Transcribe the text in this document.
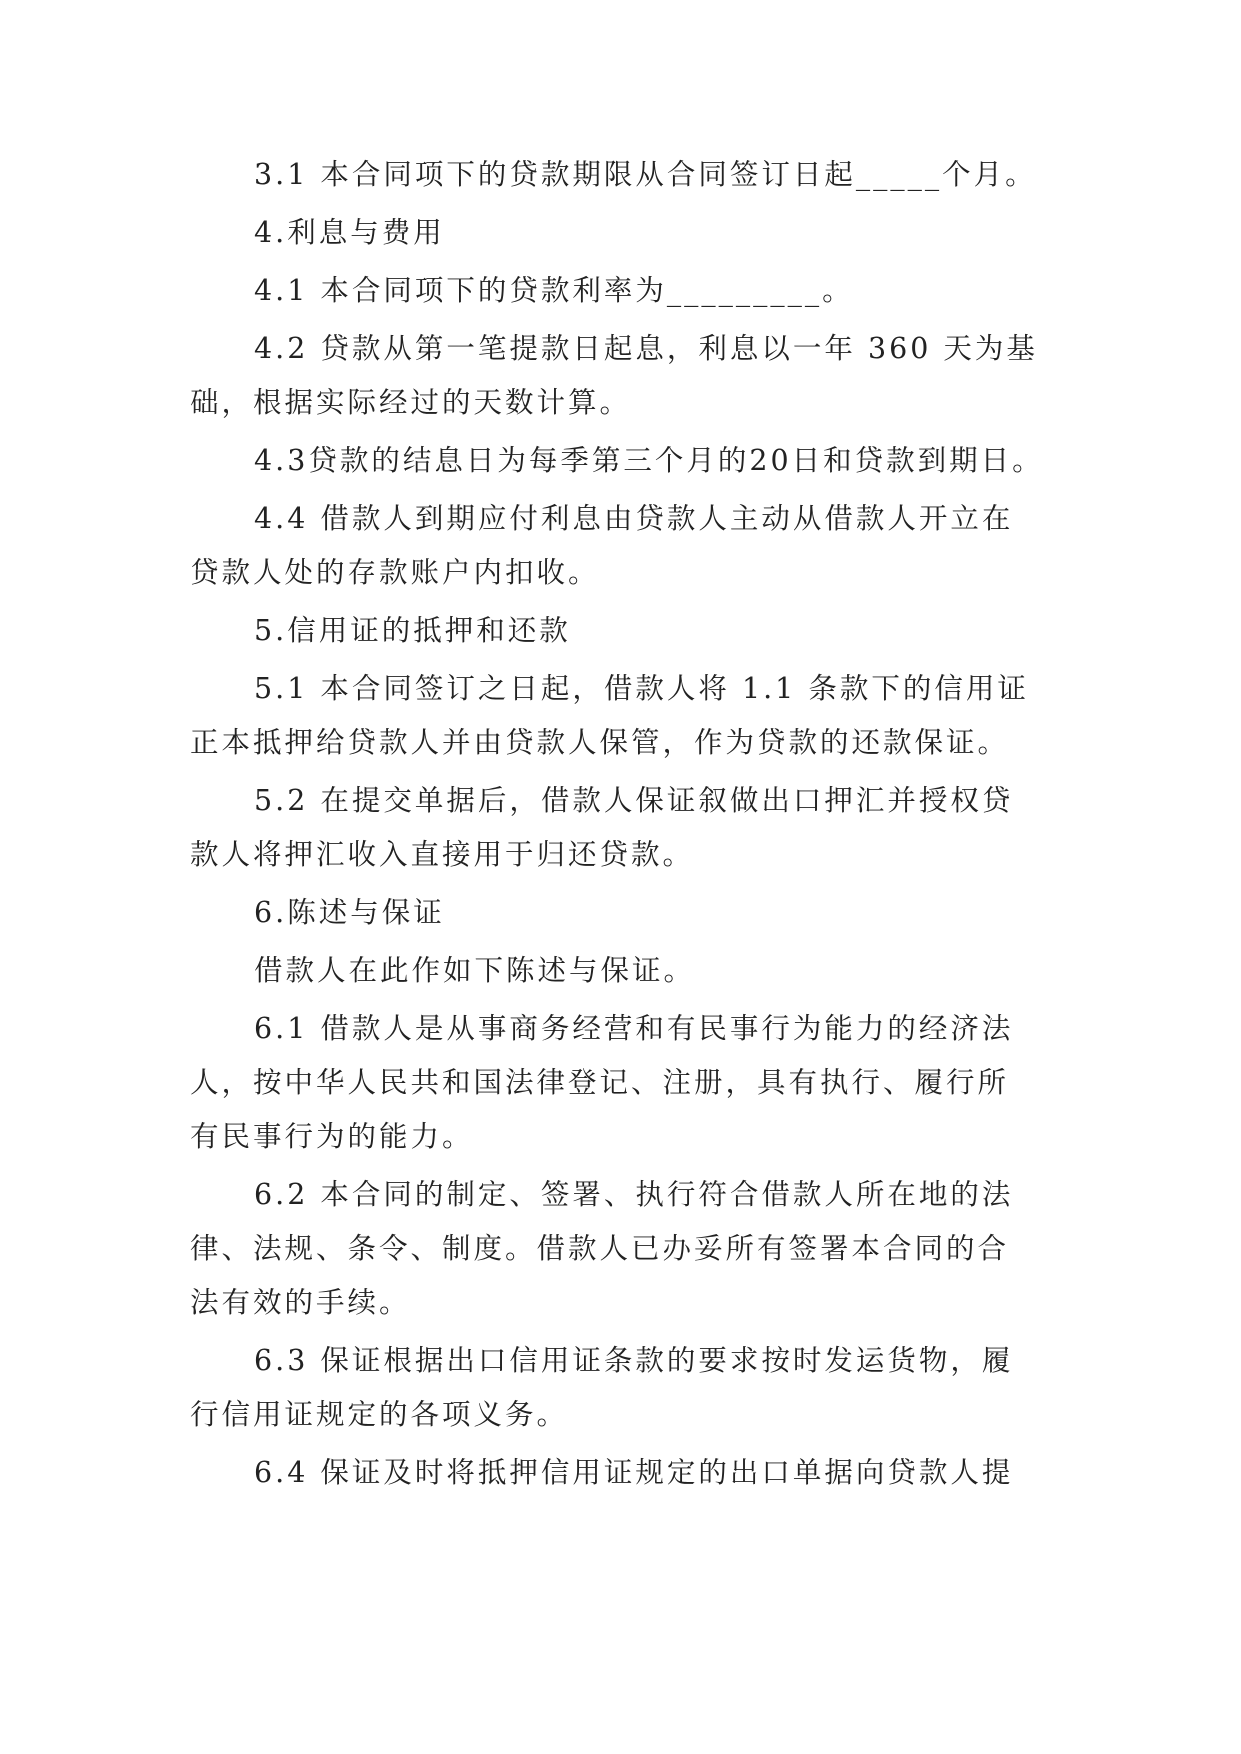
3.1 本合同项下的贷款期限从合同签订日起_____个月。
4.利息与费用
4.1 本合同项下的贷款利率为_________。
4.2 贷款从第一笔提款日起息，利息以一年 360 天为基
础，根据实际经过的天数计算。
4.3贷款的结息日为每季第三个月的20日和贷款到期日。
4.4 借款人到期应付利息由贷款人主动从借款人开立在
贷款人处的存款账户内扣收。
5.信用证的抵押和还款
5.1 本合同签订之日起，借款人将 1.1 条款下的信用证
正本抵押给贷款人并由贷款人保管，作为贷款的还款保证。
5.2 在提交单据后，借款人保证叙做出口押汇并授权贷
款人将押汇收入直接用于归还贷款。
6.陈述与保证
借款人在此作如下陈述与保证。
6.1 借款人是从事商务经营和有民事行为能力的经济法
人，按中华人民共和国法律登记、注册，具有执行、履行所
有民事行为的能力。
6.2 本合同的制定、签署、执行符合借款人所在地的法
律、法规、条令、制度。借款人已办妥所有签署本合同的合
法有效的手续。
6.3 保证根据出口信用证条款的要求按时发运货物，履
行信用证规定的各项义务。
6.4 保证及时将抵押信用证规定的出口单据向贷款人提
